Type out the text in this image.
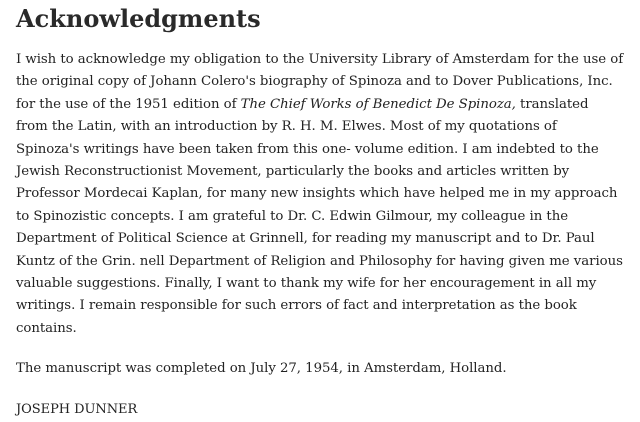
Acknowledgments

I wish to acknowledge my obligation to the University Library of Amsterdam for the use of the original copy of Johann Colero's biography of Spinoza and to Dover Publications, Inc. for the use of the 1951 edition of The Chief Works of Benedict De Spinoza, translated from the Latin, with an introduction by R. H. M. Elwes. Most of my quotations of Spinoza's writings have been taken from this one- volume edition. I am indebted to the Jewish Reconstructionist Movement, particularly the books and articles written by Professor Mordecai Kaplan, for many new insights which have helped me in my approach to Spinozistic concepts. I am grateful to Dr. C. Edwin Gilmour, my colleague in the Department of Political Science at Grinnell, for reading my manuscript and to Dr. Paul Kuntz of the Grin. nell Department of Religion and Philosophy for having given me various valuable suggestions. Finally, I want to thank my wife for her encouragement in all my writings. I remain responsible for such errors of fact and interpretation as the book contains.

The manuscript was completed on July 27, 1954, in Amsterdam, Holland.

JOSEPH DUNNER
